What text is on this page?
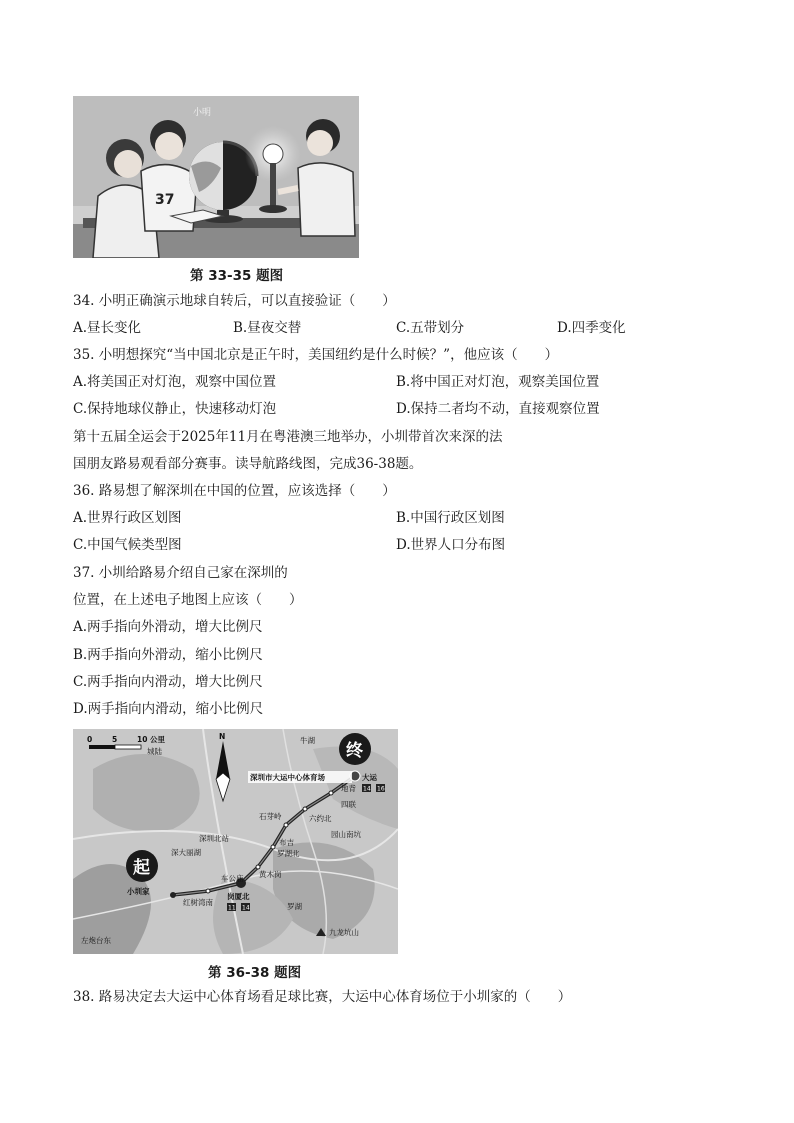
37
小明
第 33-35 题图
34. 小明正确演示地球自转后，可以直接验证（　　）
A.昼长变化	B.昼夜交替	C.五带划分	D.四季变化
35. 小明想探究“当中国北京是正午时，美国纽约是什么时候？”，他应该（　　）
A.将美国正对灯泡，观察中国位置	B.将中国正对灯泡，观察美国位置
C.保持地球仪静止，快速移动灯泡	D.保持二者均不动，直接观察位置
第十五届全运会于2025年11月在粤港澳三地举办，小圳带首次来深的法
国朋友路易观看部分赛事。读导航路线图，完成36-38题。
36. 路易想了解深圳在中国的位置，应该选择（　　）
A.世界行政区划图	B.中国行政区划图
C.中国气候类型图	D.世界人口分布图
37. 小圳给路易介绍自己家在深圳的
位置，在上述电子地图上应该（　　）
A.两手指向外滑动，增大比例尺
B.两手指向外滑动，缩小比例尺
C.两手指向内滑动，增大比例尺
D.两手指向内滑动，缩小比例尺
0	5	10 公里
城陆
N
终
起
牛湖
深圳市大运中心体育场	大运
14 16
地背
四联
石芽岭	六约北
园山南坑
深圳北站
深大丽湖
布吉
罗湖北
车公庙 黄木岗
小圳家
红树湾南
岗厦北
11 14	罗湖
九龙坑山
左炮台东
第 36-38 题图
38. 路易决定去大运中心体育场看足球比赛，大运中心体育场位于小圳家的（　　）
